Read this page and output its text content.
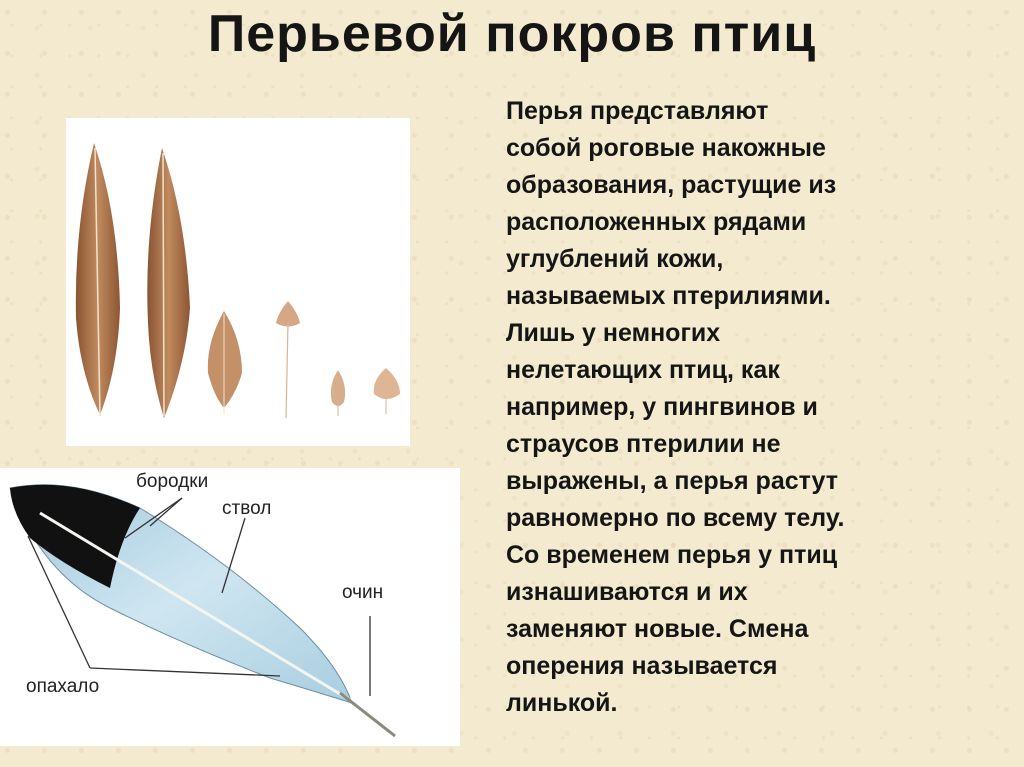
Перьевой покров птиц
бородки
ствол
очин
опахало
Перья представляют
собой роговые накожные
образования, растущие из
расположенных рядами
углублений кожи,
называемых птерилиями.
Лишь у немногих
нелетающих птиц, как
например, у пингвинов и
страусов птерилии не
выражены, а перья растут
равномерно по всему телу.
Со временем перья у птиц
изнашиваются и их
заменяют новые. Смена
оперения называется
линькой.
